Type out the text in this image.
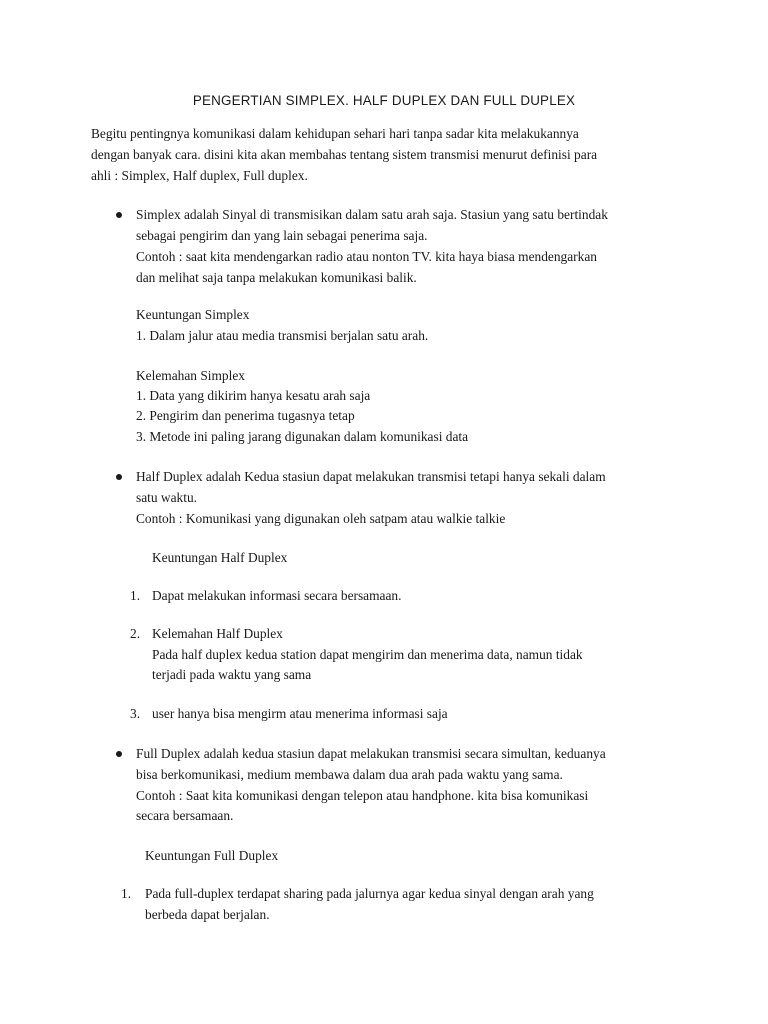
PENGERTIAN SIMPLEX. HALF DUPLEX DAN FULL DUPLEX
Begitu pentingnya komunikasi dalam kehidupan sehari hari tanpa sadar kita melakukannya
dengan banyak cara. disini kita akan membahas tentang sistem transmisi menurut definisi para
ahli : Simplex, Half duplex, Full duplex.
Simplex adalah Sinyal di transmisikan dalam satu arah saja. Stasiun yang satu bertindak
sebagai pengirim dan yang lain sebagai penerima saja.
Contoh : saat kita mendengarkan radio atau nonton TV. kita haya biasa mendengarkan
dan melihat saja tanpa melakukan komunikasi balik.
Keuntungan Simplex
1. Dalam jalur atau media transmisi berjalan satu arah.
Kelemahan Simplex
1. Data yang dikirim hanya kesatu arah saja
2. Pengirim dan penerima tugasnya tetap
3. Metode ini paling jarang digunakan dalam komunikasi data
Half Duplex adalah Kedua stasiun dapat melakukan transmisi tetapi hanya sekali dalam
satu waktu.
Contoh : Komunikasi yang digunakan oleh satpam atau walkie talkie
Keuntungan Half Duplex
1. Dapat melakukan informasi secara bersamaan.
2. Kelemahan Half Duplex
Pada half duplex kedua station dapat mengirim dan menerima data, namun tidak
terjadi pada waktu yang sama
3. user hanya bisa mengirm atau menerima informasi saja
Full Duplex adalah kedua stasiun dapat melakukan transmisi secara simultan, keduanya
bisa berkomunikasi, medium membawa dalam dua arah pada waktu yang sama.
Contoh : Saat kita komunikasi dengan telepon atau handphone. kita bisa komunikasi
secara bersamaan.
Keuntungan Full Duplex
1. Pada full-duplex terdapat sharing pada jalurnya agar kedua sinyal dengan arah yang
berbeda dapat berjalan.
